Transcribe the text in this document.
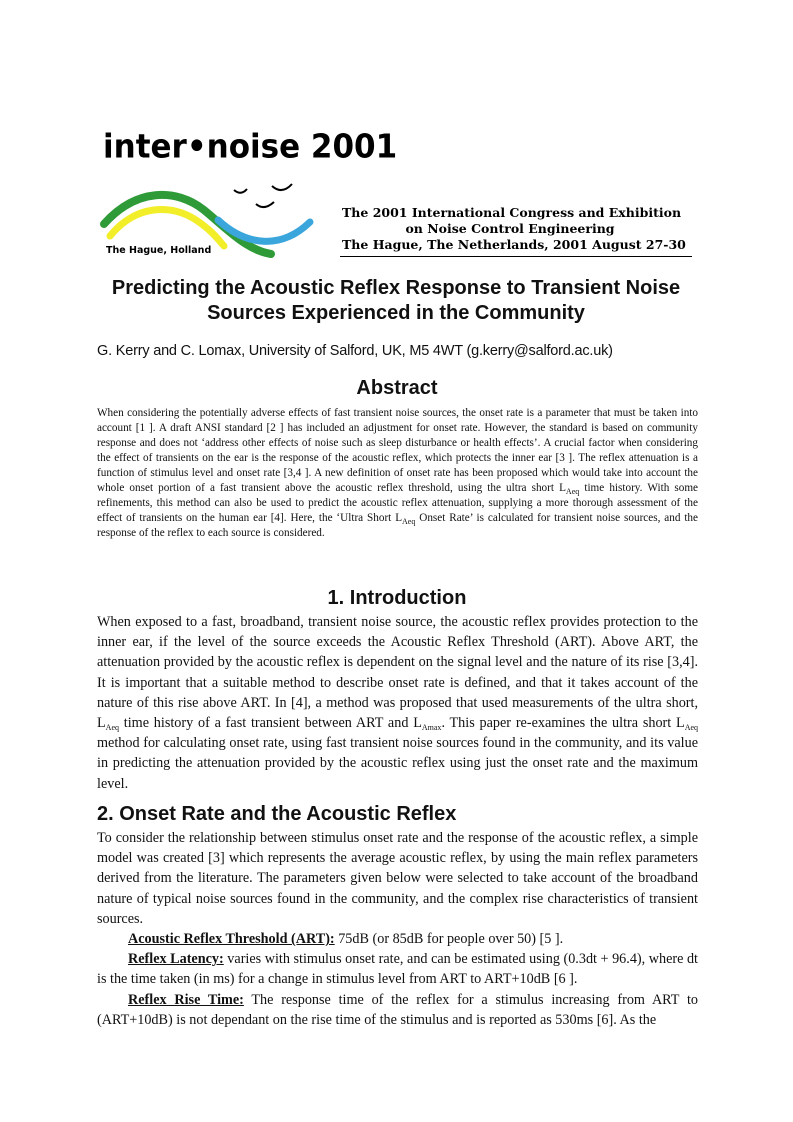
inter•noise 2001
The Hague, Holland
The 2001 International Congress and Exhibition
on Noise Control Engineering
The Hague, The Netherlands, 2001 August 27-30
Predicting the Acoustic Reflex Response to Transient Noise Sources Experienced in the Community
G. Kerry and C. Lomax, University of Salford, UK, M5 4WT (g.kerry@salford.ac.uk)
Abstract

When considering the potentially adverse effects of fast transient noise sources, the onset rate is a parameter that must be taken into account [1 ]. A draft ANSI standard [2 ] has included an adjustment for onset rate. However, the standard is based on community response and does not ‘address other effects of noise such as sleep disturbance or health effects’. A crucial factor when considering the effect of transients on the ear is the response of the acoustic reflex, which protects the inner ear [3 ]. The reflex attenuation is a function of stimulus level and onset rate [3,4 ]. A new definition of onset rate has been proposed which would take into account the whole onset portion of a fast transient above the acoustic reflex threshold, using the ultra short $L_{Aeq}$ time history. With some refinements, this method can also be used to predict the acoustic reflex attenuation, supplying a more thorough assessment of the effect of transients on the human ear [4]. Here, the ‘Ultra Short $L_{Aeq}$ Onset Rate’ is calculated for transient noise sources, and the response of the reflex to each source is considered.

1. Introduction

When exposed to a fast, broadband, transient noise source, the acoustic reflex provides protection to the inner ear, if the level of the source exceeds the Acoustic Reflex Threshold (ART). Above ART, the attenuation provided by the acoustic reflex is dependent on the signal level and the nature of its rise [3,4]. It is important that a suitable method to describe onset rate is defined, and that it takes account of the nature of this rise above ART. In [4], a method was proposed that used measurements of the ultra short, $L_{Aeq}$ time history of a fast transient between ART and $L_{Amax}$. This paper re-examines the ultra short $L_{Aeq}$ method for calculating onset rate, using fast transient noise sources found in the community, and its value in predicting the attenuation provided by the acoustic reflex using just the onset rate and the maximum level.

2. Onset Rate and the Acoustic Reflex

To consider the relationship between stimulus onset rate and the response of the acoustic reflex, a simple model was created [3] which represents the average acoustic reflex, by using the main reflex parameters derived from the literature. The parameters given below were selected to take account of the broadband nature of typical noise sources found in the community, and the complex rise characteristics of transient sources.

Acoustic Reflex Threshold (ART): 75dB (or 85dB for people over 50) [5 ].

Reflex Latency: varies with stimulus onset rate, and can be estimated using (0.3dt + 96.4), where dt is the time taken (in ms) for a change in stimulus level from ART to ART+10dB [6 ].

Reflex Rise Time: The response time of the reflex for a stimulus increasing from ART to (ART+10dB) is not dependant on the rise time of the stimulus and is reported as 530ms [6]. As the
